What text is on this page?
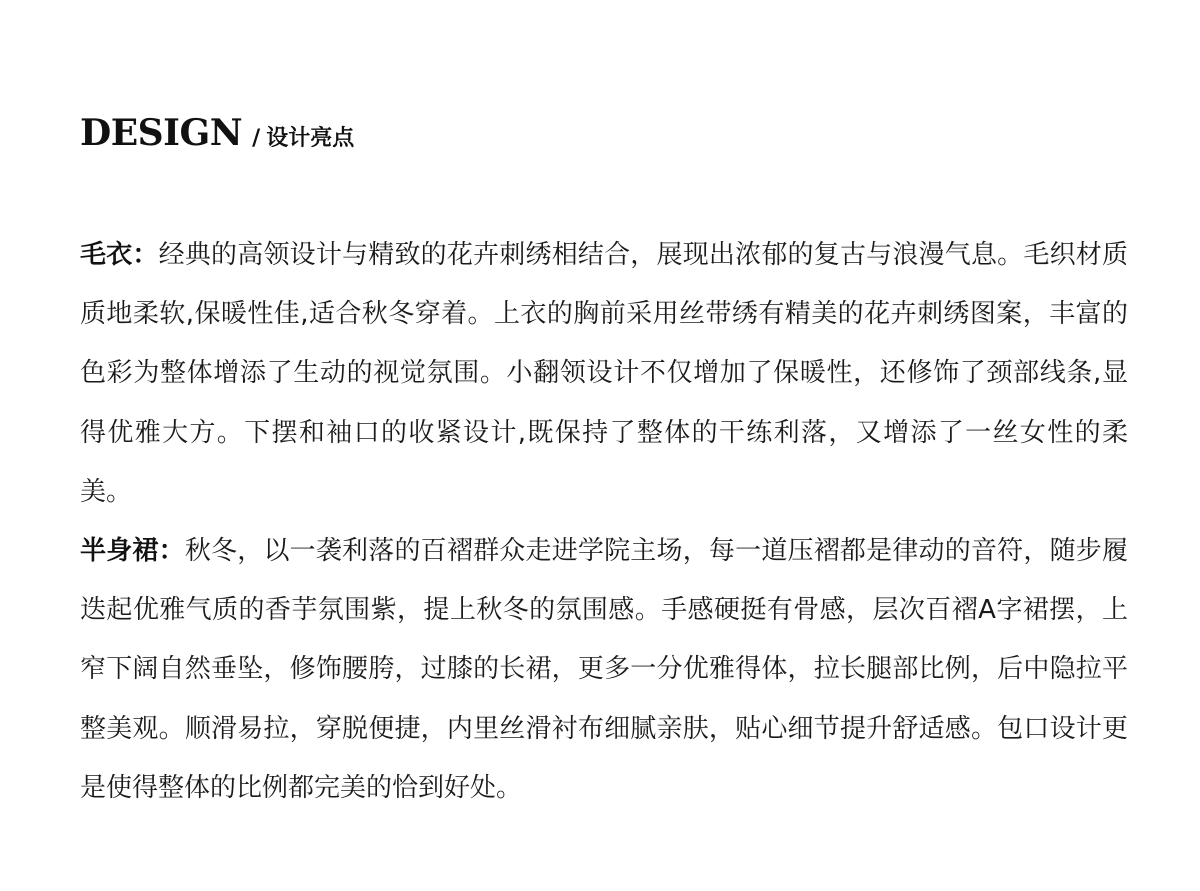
DESIGN / 设计亮点

毛衣：经典的高领设计与精致的花卉刺绣相结合，展现出浓郁的复古与浪漫气息。毛织材质质地柔软,保暖性佳,适合秋冬穿着。上衣的胸前采用丝带绣有精美的花卉刺绣图案，丰富的色彩为整体增添了生动的视觉氛围。小翻领设计不仅增加了保暖性，还修饰了颈部线条,显得优雅大方。下摆和袖口的收紧设计,既保持了整体的干练利落，又增添了一丝女性的柔美。

半身裙：秋冬，以一袭利落的百褶群众走进学院主场，每一道压褶都是律动的音符，随步履迭起优雅气质的香芋氛围紫，提上秋冬的氛围感。手感硬挺有骨感，层次百褶A字裙摆，上窄下阔自然垂坠，修饰腰胯，过膝的长裙，更多一分优雅得体，拉长腿部比例，后中隐拉平整美观。顺滑易拉，穿脱便捷，内里丝滑衬布细腻亲肤，贴心细节提升舒适感。包口设计更是使得整体的比例都完美的恰到好处。
